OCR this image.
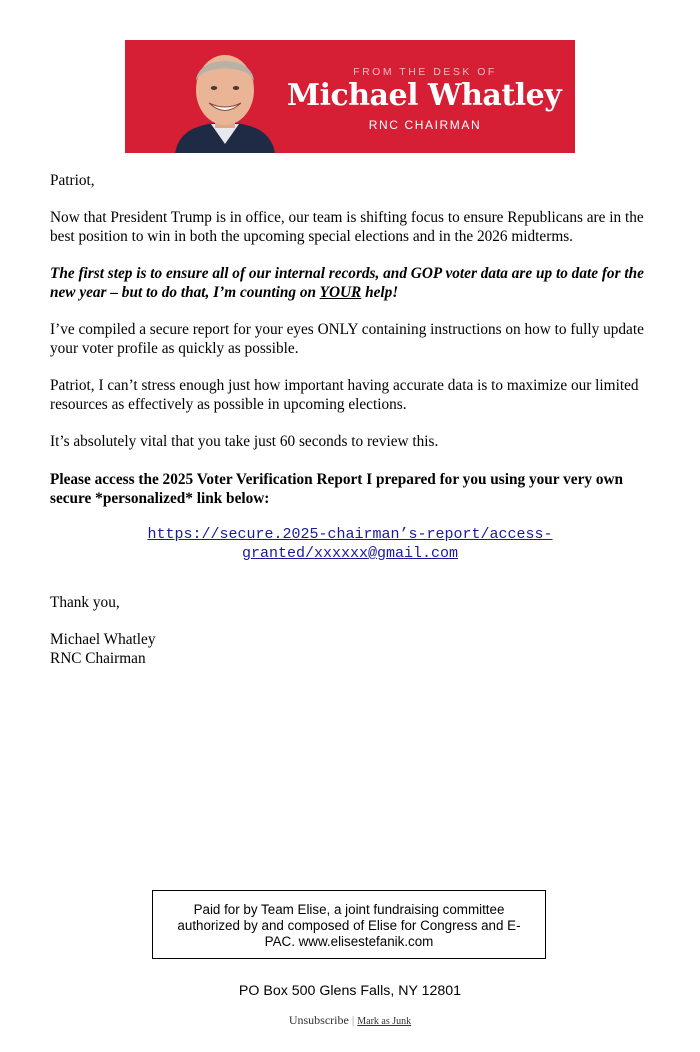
FROM THE DESK OF
Michael Whatley
RNC CHAIRMAN

Patriot,

Now that President Trump is in office, our team is shifting focus to ensure Republicans are in the best position to win in both the upcoming special elections and in the 2026 midterms.

The first step is to ensure all of our internal records, and GOP voter data are up to date for the new year – but to do that, I’m counting on YOUR help!

I’ve compiled a secure report for your eyes ONLY containing instructions on how to fully update your voter profile as quickly as possible.

Patriot, I can’t stress enough just how important having accurate data is to maximize our limited resources as effectively as possible in upcoming elections.

It’s absolutely vital that you take just 60 seconds to review this.

Please access the 2025 Voter Verification Report I prepared for you using your very own secure *personalized* link below:

https://secure.2025-chairman’s-report/access-
granted/xxxxxx@gmail.com

Thank you,

Michael Whatley

RNC Chairman

Paid for by Team Elise, a joint fundraising committee authorized by and composed of Elise for Congress and E-PAC. www.elisestefanik.com
PO Box 500 Glens Falls, NY 12801
Unsubscribe | Mark as Junk
